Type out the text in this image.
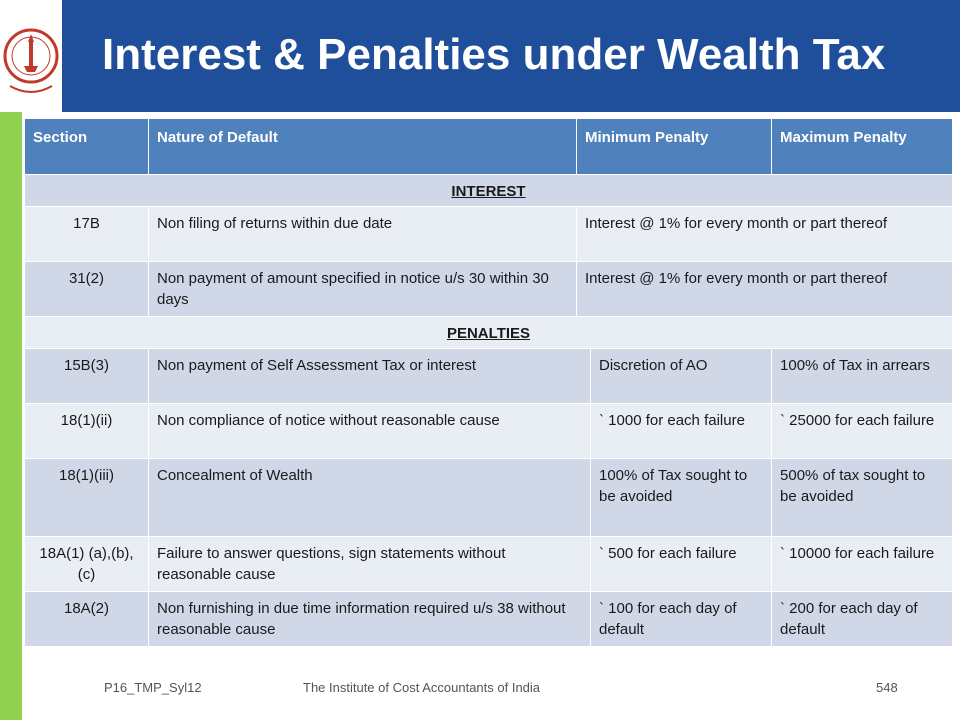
Interest & Penalties under Wealth Tax
Section	Nature of Default	Minimum Penalty		Maximum Penalty
INTEREST				
17B	Non filing of returns within due date	Interest @ 1% for every month or part thereof		
31(2)	Non payment of amount specified in notice u/s 30 within 30 days	Interest @ 1% for every month or part thereof		
PENALTIES				
15B(3)	Non payment of Self Assessment Tax or interest		Discretion of AO	100% of Tax in arrears
18(1)(ii)	Non compliance of notice without reasonable cause		` 1000 for each failure	` 25000 for each failure
18(1)(iii)	Concealment of Wealth		100% of Tax sought to be avoided	500% of tax sought to be avoided
18A(1) (a),(b),(c)	Failure to answer questions, sign statements without reasonable cause		` 500 for each failure	` 10000 for each failure
18A(2)	Non furnishing in due time information required u/s 38 without reasonable cause		` 100 for each day of default	` 200 for each day of default
P16_TMP_Syl12	The Institute of Cost Accountants of India	548
